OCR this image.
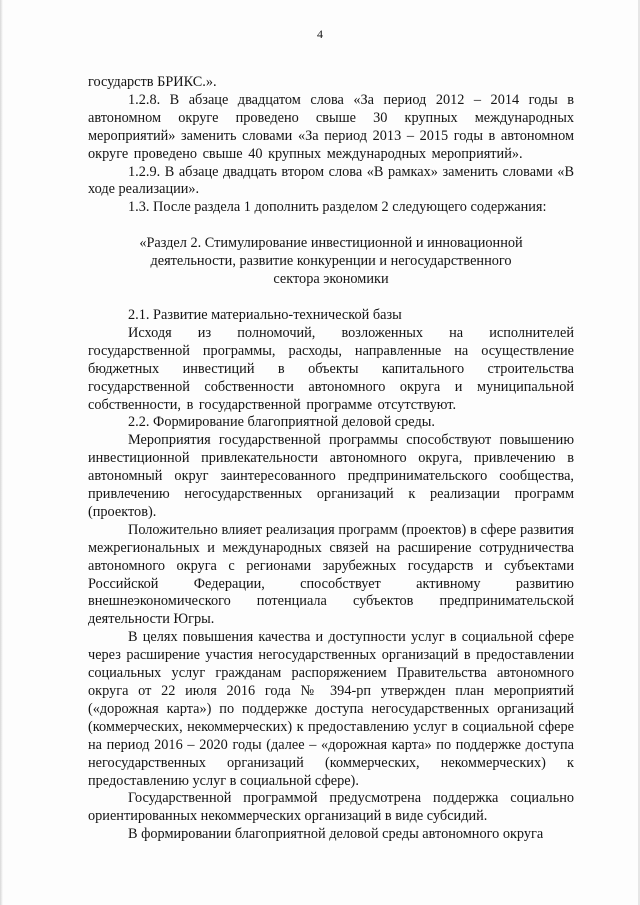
4

государств БРИКС.».

1.2.8. В абзаце двадцатом слова «За период 2012 – 2014 годы в автономном округе проведено свыше 30 крупных международных мероприятий» заменить словами «За период 2013 – 2015 годы в автономном округе проведено свыше 40 крупных международных мероприятий».

1.2.9. В абзаце двадцать втором слова «В рамках» заменить словами «В ходе реализации».

1.3. После раздела 1 дополнить разделом 2 следующего содержания:

«Раздел 2. Стимулирование инвестиционной и инновационной
деятельности, развитие конкуренции и негосударственного
сектора экономики

2.1. Развитие материально-технической базы

Исходя из полномочий, возложенных на исполнителей государственной программы, расходы, направленные на осуществление бюджетных инвестиций в объекты капитального строительства государственной собственности автономного округа и муниципальной собственности, в государственной программе отсутствуют.

2.2. Формирование благоприятной деловой среды.

Мероприятия государственной программы способствуют повышению инвестиционной привлекательности автономного округа, привлечению в автономный округ заинтересованного предпринимательского сообщества, привлечению негосударственных организаций к реализации программ (проектов).

Положительно влияет реализация программ (проектов) в сфере развития межрегиональных и международных связей на расширение сотрудничества автономного округа с регионами зарубежных государств и субъектами Российской Федерации, способствует активному развитию внешнеэкономического потенциала субъектов предпринимательской деятельности Югры.

В целях повышения качества и доступности услуг в социальной сфере через расширение участия негосударственных организаций в предоставлении социальных услуг гражданам распоряжением Правительства автономного округа от 22 июля 2016 года № 394-рп утвержден план мероприятий («дорожная карта») по поддержке доступа негосударственных организаций (коммерческих, некоммерческих) к предоставлению услуг в социальной сфере на период 2016 – 2020 годы (далее – «дорожная карта» по поддержке доступа негосударственных организаций (коммерческих, некоммерческих) к предоставлению услуг в социальной сфере).

Государственной программой предусмотрена поддержка социально ориентированных некоммерческих организаций в виде субсидий.

В формировании благоприятной деловой среды автономного округа
